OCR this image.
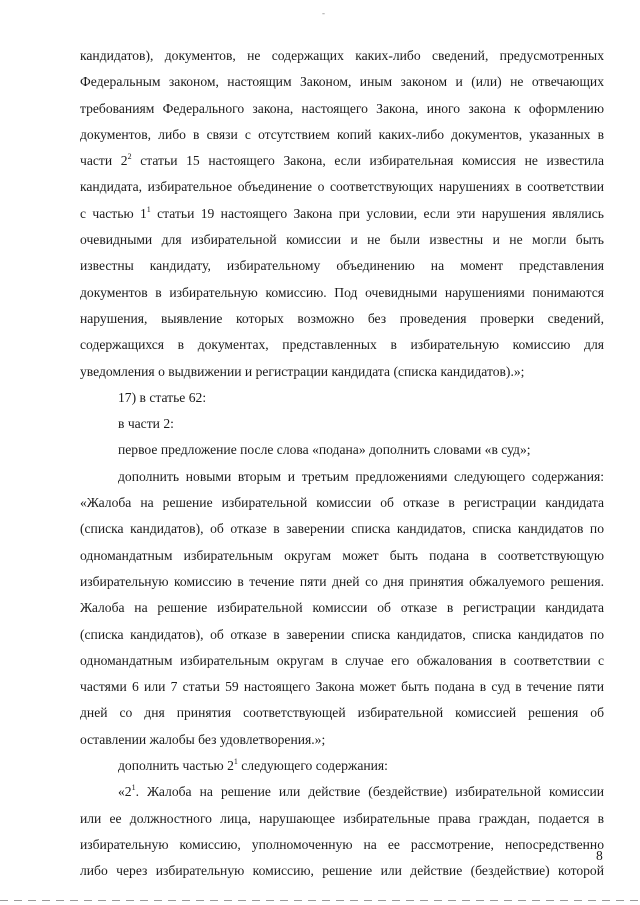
-
кандидатов), документов, не содержащих каких-либо сведений, предусмотренных
Федеральным законом, настоящим Законом, иным законом и (или) не отвечающих
требованиям Федерального закона, настоящего Закона, иного закона к оформлению
документов, либо в связи с отсутствием копий каких-либо документов, указанных в
части $2^2$ статьи 15 настоящего Закона, если избирательная комиссия не известила
кандидата, избирательное объединение о соответствующих нарушениях в соответствии
с частью $1^1$ статьи 19 настоящего Закона при условии, если эти нарушения являлись
очевидными для избирательной комиссии и не были известны и не могли быть
известны кандидату, избирательному объединению на момент представления
документов в избирательную комиссию. Под очевидными нарушениями понимаются
нарушения, выявление которых возможно без проведения проверки сведений,
содержащихся в документах, представленных в избирательную комиссию для
уведомления о выдвижении и регистрации кандидата (списка кандидатов).»;
17) в статье 62:
в части 2:
первое предложение после слова «подана» дополнить словами «в суд»;
дополнить новыми вторым и третьим предложениями следующего содержания:
«Жалоба на решение избирательной комиссии об отказе в регистрации кандидата
(списка кандидатов), об отказе в заверении списка кандидатов, списка кандидатов по
одномандатным избирательным округам может быть подана в соответствующую
избирательную комиссию в течение пяти дней со дня принятия обжалуемого решения.
Жалоба на решение избирательной комиссии об отказе в регистрации кандидата
(списка кандидатов), об отказе в заверении списка кандидатов, списка кандидатов по
одномандатным избирательным округам в случае его обжалования в соответствии с
частями 6 или 7 статьи 59 настоящего Закона может быть подана в суд в течение пяти
дней со дня принятия соответствующей избирательной комиссией решения об
оставлении жалобы без удовлетворения.»;
дополнить частью $2^1$ следующего содержания:
«$2^1$. Жалоба на решение или действие (бездействие) избирательной комиссии
или ее должностного лица, нарушающее избирательные права граждан, подается в
избирательную комиссию, уполномоченную на ее рассмотрение, непосредственно
либо через избирательную комиссию, решение или действие (бездействие) которой
8
